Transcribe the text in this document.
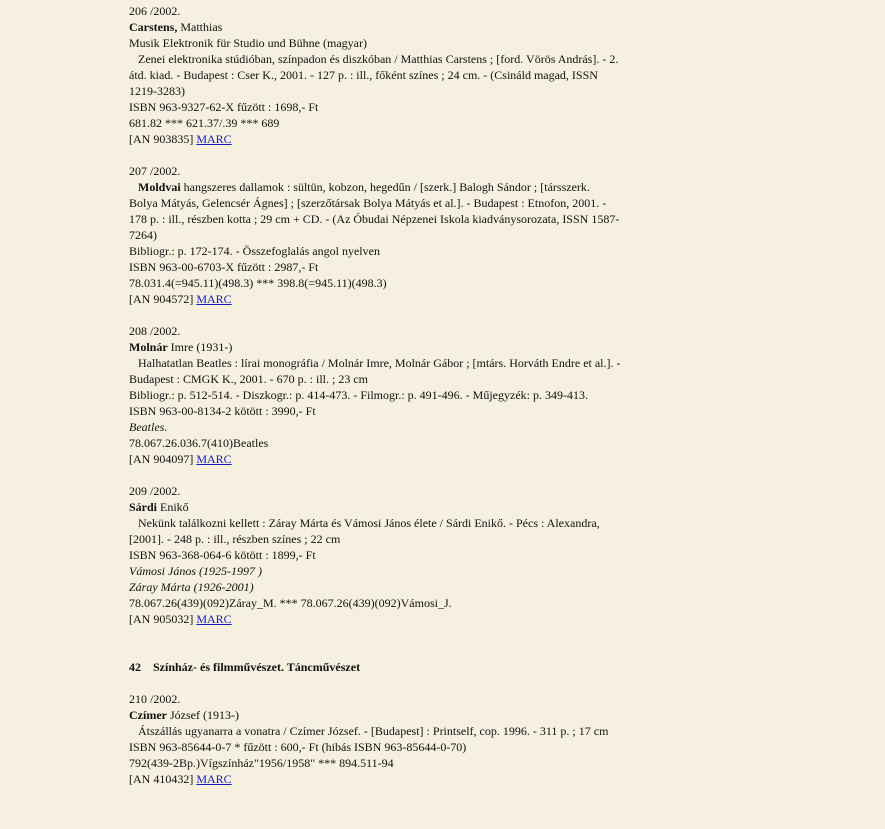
206 /2002.
Carstens, Matthias
Musik Elektronik für Studio und Bühne (magyar)
Zenei elektronika stúdióban, színpadon és diszkóban / Matthias Carstens ; [ford. Vörös András]. - 2. átd. kiad. - Budapest : Cser K., 2001. - 127 p. : ill., főként színes ; 24 cm. - (Csináld magad, ISSN 1219-3283)
ISBN 963-9327-62-X fűzött : 1698,- Ft
681.82 *** 621.37/.39 *** 689
[AN 903835] MARC
207 /2002.
Moldvai hangszeres dallamok : sültün, kobzon, hegedűn / [szerk.] Balogh Sándor ; [társszerk. Bolya Mátyás, Gelencsér Ágnes] ; [szerzőtársak Bolya Mátyás et al.]. - Budapest : Etnofon, 2001. - 178 p. : ill., részben kotta ; 29 cm + CD. - (Az Óbudai Népzenei Iskola kiadványsorozata, ISSN 1587-7264)
Bibliogr.: p. 172-174. - Összefoglalás angol nyelven
ISBN 963-00-6703-X fűzött : 2987,- Ft
78.031.4(=945.11)(498.3) *** 398.8(=945.11)(498.3)
[AN 904572] MARC
208 /2002.
Molnár Imre (1931-)
Halhatatlan Beatles : lírai monográfia / Molnár Imre, Molnár Gábor ; [mtárs. Horváth Endre et al.]. - Budapest : CMGK K., 2001. - 670 p. : ill. ; 23 cm
Bibliogr.: p. 512-514. - Diszkogr.: p. 414-473. - Filmogr.: p. 491-496. - Műjegyzék: p. 349-413.
ISBN 963-00-8134-2 kötött : 3990,- Ft
Beatles.
78.067.26.036.7(410)Beatles
[AN 904097] MARC
209 /2002.
Sárdi Enikő
Nekünk találkozni kellett : Záray Márta és Vámosi János élete / Sárdi Enikő. - Pécs : Alexandra, [2001]. - 248 p. : ill., részben színes ; 22 cm
ISBN 963-368-064-6 kötött : 1899,- Ft
Vámosi János (1925-1997 )
Záray Márta (1926-2001)
78.067.26(439)(092)Záray_M. *** 78.067.26(439)(092)Vámosi_J.
[AN 905032] MARC
42 Színház- és filmművészet. Táncművészet
210 /2002.
Czímer József (1913-)
Átszállás ugyanarra a vonatra / Czímer József. - [Budapest] : Printself, cop. 1996. - 311 p. ; 17 cm
ISBN 963-85644-0-7 * fűzött : 600,- Ft (hibás ISBN 963-85644-0-70)
792(439-2Bp.)Vígszínház"1956/1958" *** 894.511-94
[AN 410432] MARC
